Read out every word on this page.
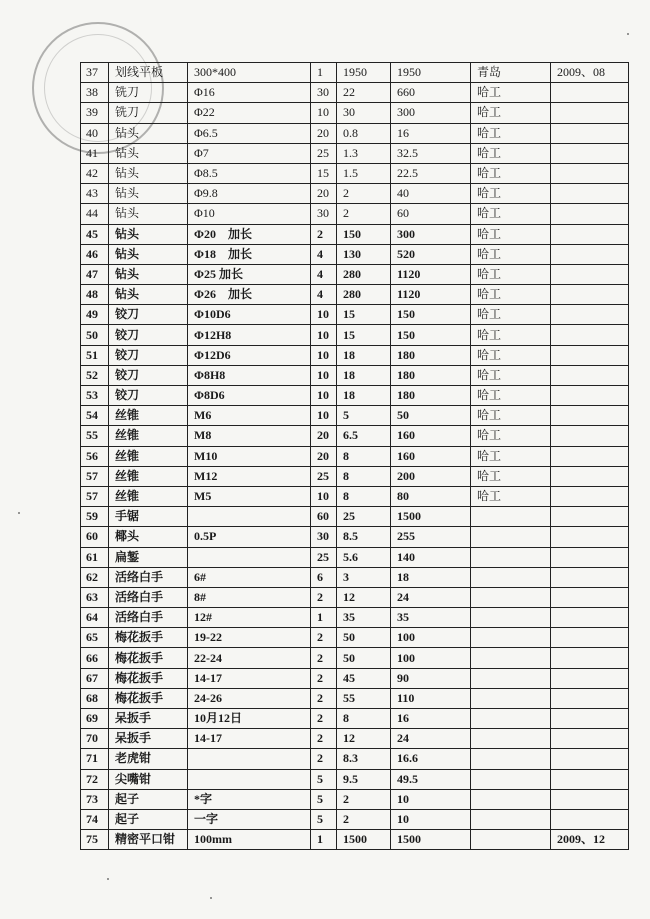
37	划线平板	300*400	1	1950	1950	青岛	2009、08
38	铣刀	Φ16	30	22	660	哈工	
39	铣刀	Φ22	10	30	300	哈工	
40	钻头	Φ6.5	20	0.8	16	哈工	
41	钻头	Φ7	25	1.3	32.5	哈工	
42	钻头	Φ8.5	15	1.5	22.5	哈工	
43	钻头	Φ9.8	20	2	40	哈工	
44	钻头	Φ10	30	2	60	哈工	
45	钻头	Φ20　加长	2	150	300	哈工	
46	钻头	Φ18　加长	4	130	520	哈工	
47	钻头	Φ25 加长	4	280	1120	哈工	
48	钻头	Φ26　加长	4	280	1120	哈工	
49	铰刀	Φ10D6	10	15	150	哈工	
50	铰刀	Φ12H8	10	15	150	哈工	
51	铰刀	Φ12D6	10	18	180	哈工	
52	铰刀	Φ8H8	10	18	180	哈工	
53	铰刀	Φ8D6	10	18	180	哈工	
54	丝锥	M6	10	5	50	哈工	
55	丝锥	M8	20	6.5	160	哈工	
56	丝锥	M10	20	8	160	哈工	
57	丝锥	M12	25	8	200	哈工	
57	丝锥	M5	10	8	80	哈工	
59	手锯		60	25	1500		
60	椰头	0.5P	30	8.5	255		
61	扁錾		25	5.6	140		
62	活络白手	6#	6	3	18		
63	活络白手	8#	2	12	24		
64	活络白手	12#	1	35	35		
65	梅花扳手	19-22	2	50	100		
66	梅花扳手	22-24	2	50	100		
67	梅花扳手	14-17	2	45	90		
68	梅花扳手	24-26	2	55	110		
69	呆扳手	10月12日	2	8	16		
70	呆扳手	14-17	2	12	24		
71	老虎钳		2	8.3	16.6		
72	尖嘴钳		5	9.5	49.5		
73	起子	*字	5	2	10		
74	起子	一字	5	2	10		
75	精密平口钳	100mm	1	1500	1500		2009、12
